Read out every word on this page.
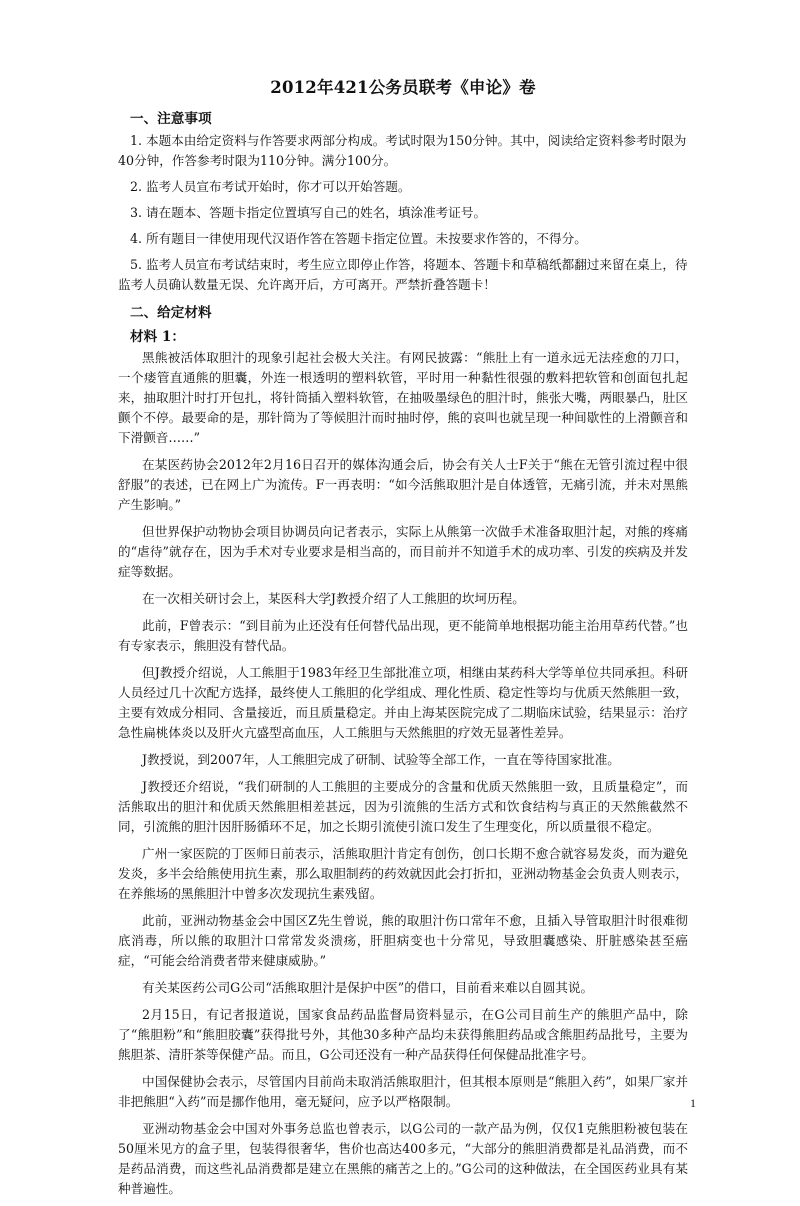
2012年421公务员联考《申论》卷
一、注意事项
1. 本题本由给定资料与作答要求两部分构成。考试时限为150分钟。其中，阅读给定资料参考时限为40分钟，作答参考时限为110分钟。满分100分。
2. 监考人员宣布考试开始时，你才可以开始答题。
3. 请在题本、答题卡指定位置填写自己的姓名，填涂准考证号。
4. 所有题目一律使用现代汉语作答在答题卡指定位置。未按要求作答的，不得分。
5. 监考人员宣布考试结束时，考生应立即停止作答，将题本、答题卡和草稿纸都翻过来留在桌上，待监考人员确认数量无误、允许离开后，方可离开。严禁折叠答题卡！
二、给定材料
材料 1：

黑熊被活体取胆汁的现象引起社会极大关注。有网民披露：“熊肚上有一道永远无法痊愈的刀口，一个瘘管直通熊的胆囊，外连一根透明的塑料软管，平时用一种黏性很强的敷料把软管和创面包扎起来，抽取胆汁时打开包扎，将针筒插入塑料软管，在抽吸墨绿色的胆汁时，熊张大嘴，两眼暴凸，肚区颤个不停。最要命的是，那针筒为了等候胆汁而时抽时停，熊的哀叫也就呈现一种间歇性的上滑颤音和下滑颤音……”

在某医药协会2012年2月16日召开的媒体沟通会后，协会有关人士F关于“熊在无管引流过程中很舒服”的表述，已在网上广为流传。F一再表明：“如今活熊取胆汁是自体透管，无痛引流，并未对黑熊产生影响。”

但世界保护动物协会项目协调员向记者表示，实际上从熊第一次做手术准备取胆汁起，对熊的疼痛的“虐待”就存在，因为手术对专业要求是相当高的，而目前并不知道手术的成功率、引发的疾病及并发症等数据。

在一次相关研讨会上，某医科大学J教授介绍了人工熊胆的坎坷历程。

此前，F曾表示：“到目前为止还没有任何替代品出现，更不能简单地根据功能主治用草药代替。”也有专家表示，熊胆没有替代品。

但J教授介绍说，人工熊胆于1983年经卫生部批准立项，相继由某药科大学等单位共同承担。科研人员经过几十次配方选择，最终使人工熊胆的化学组成、理化性质、稳定性等均与优质天然熊胆一致，主要有效成分相同、含量接近，而且质量稳定。并由上海某医院完成了二期临床试验，结果显示：治疗急性扁桃体炎以及肝火亢盛型高血压，人工熊胆与天然熊胆的疗效无显著性差异。

J教授说，到2007年，人工熊胆完成了研制、试验等全部工作，一直在等待国家批准。

J教授还介绍说，“我们研制的人工熊胆的主要成分的含量和优质天然熊胆一致，且质量稳定”，而活熊取出的胆汁和优质天然熊胆相差甚远，因为引流熊的生活方式和饮食结构与真正的天然熊截然不同，引流熊的胆汁因肝肠循环不足，加之长期引流使引流口发生了生理变化，所以质量很不稳定。

广州一家医院的丁医师日前表示，活熊取胆汁肯定有创伤，创口长期不愈合就容易发炎，而为避免发炎，多半会给熊使用抗生素，那么取胆制药的药效就因此会打折扣，亚洲动物基金会负责人则表示，在养熊场的黑熊胆汁中曾多次发现抗生素残留。

此前，亚洲动物基金会中国区Z先生曾说，熊的取胆汁伤口常年不愈，且插入导管取胆汁时很难彻底消毒，所以熊的取胆汁口常常发炎溃疡，肝胆病变也十分常见，导致胆囊感染、肝脏感染甚至癌症，“可能会给消费者带来健康威胁。”

有关某医药公司G公司“活熊取胆汁是保护中医”的借口，目前看来难以自圆其说。

2月15日，有记者报道说，国家食品药品监督局资料显示，在G公司目前生产的熊胆产品中，除了“熊胆粉”和“熊胆胶囊”获得批号外，其他30多种产品均未获得熊胆药品或含熊胆药品批号，主要为熊胆茶、清肝茶等保健产品。而且，G公司还没有一种产品获得任何保健品批准字号。

中国保健协会表示，尽管国内目前尚未取消活熊取胆汁，但其根本原则是“熊胆入药”，如果厂家并非把熊胆“入药”而是挪作他用，毫无疑问，应予以严格限制。

亚洲动物基金会中国对外事务总监也曾表示，以G公司的一款产品为例，仅仅1克熊胆粉被包装在50厘米见方的盒子里，包装得很奢华，售价也高达400多元，“大部分的熊胆消费都是礼品消费，而不是药品消费，而这些礼品消费都是建立在黑熊的痛苦之上的。”G公司的这种做法，在全国医药业具有某种普遍性。

1
